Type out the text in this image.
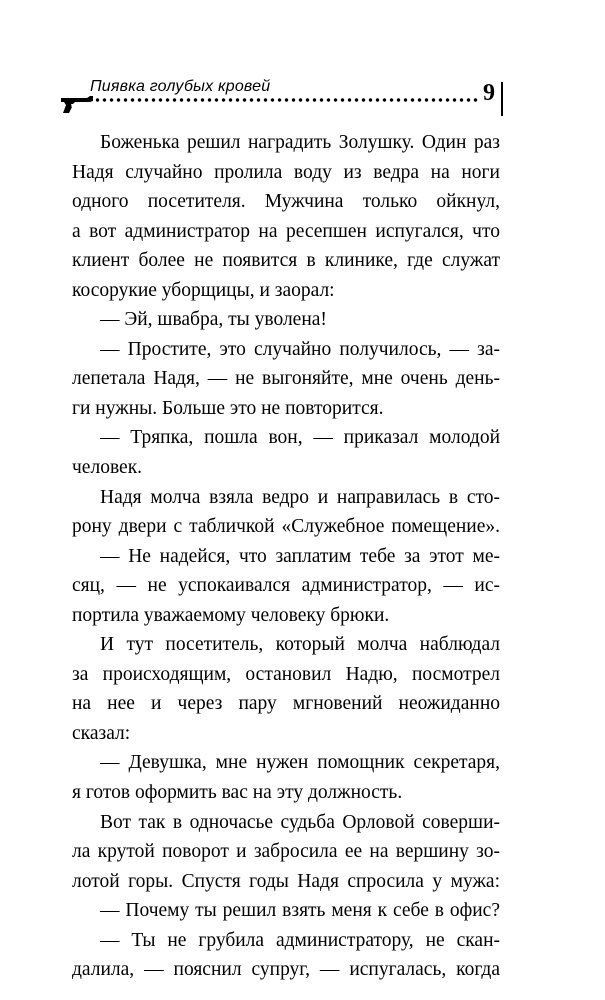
Пиявка голубых кровей	9
Боженька решил наградить Золушку. Один раз
Надя случайно пролила воду из ведра на ноги
одного посетителя. Мужчина только ойкнул,
а вот администратор на ресепшен испугался, что
клиент более не появится в клинике, где служат
косорукие уборщицы, и заорал:
— Эй, швабра, ты уволена!
— Простите, это случайно получилось, — за-
лепетала Надя, — не выгоняйте, мне очень день-
ги нужны. Больше это не повторится.
— Тряпка, пошла вон, — приказал молодой
человек.
Надя молча взяла ведро и направилась в сто-
рону двери с табличкой «Служебное помещение».
— Не надейся, что заплатим тебе за этот ме-
сяц, — не успокаивался администратор, — ис-
портила уважаемому человеку брюки.
И тут посетитель, который молча наблюдал
за происходящим, остановил Надю, посмотрел
на нее и через пару мгновений неожиданно
сказал:
— Девушка, мне нужен помощник секретаря,
я готов оформить вас на эту должность.
Вот так в одночасье судьба Орловой соверши-
ла крутой поворот и забросила ее на вершину зо-
лотой горы. Спустя годы Надя спросила у мужа:
— Почему ты решил взять меня к себе в офис?
— Ты не грубила администратору, не скан-
далила, — пояснил супруг, — испугалась, когда
